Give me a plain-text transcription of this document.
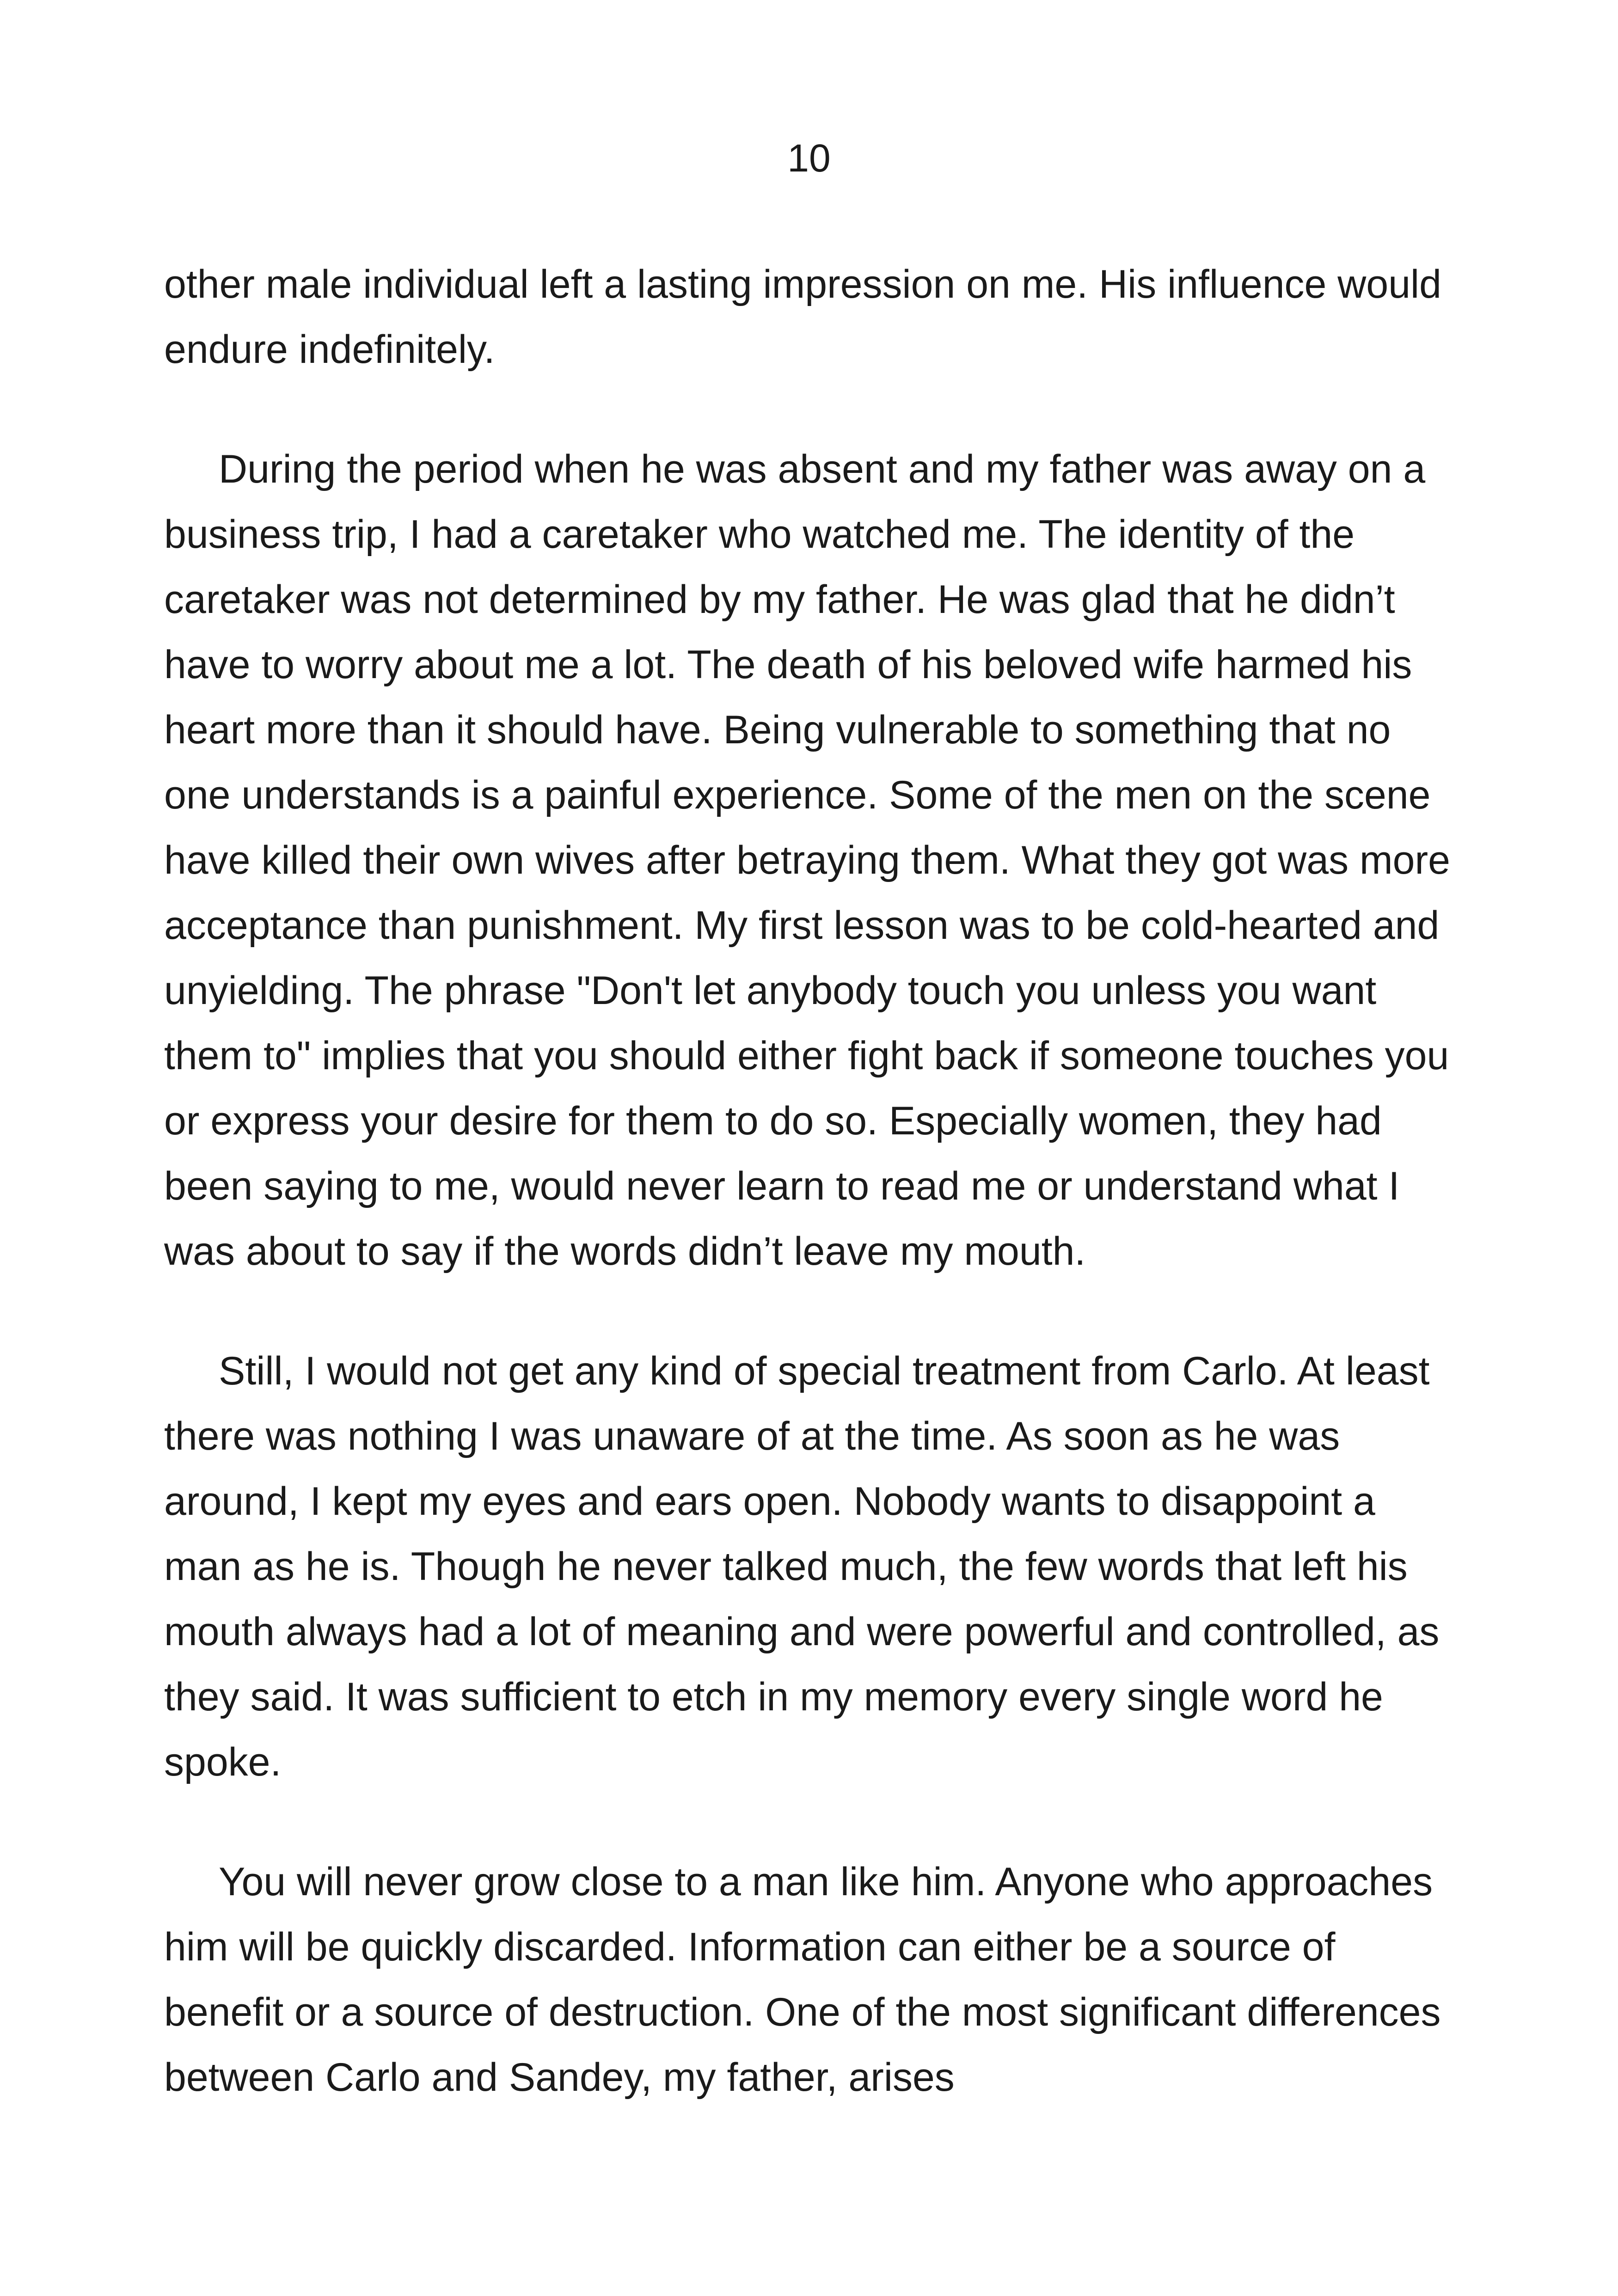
10

other male individual left a lasting impression on me. His influence would endure indefinitely.

During the period when he was absent and my father was away on a business trip, I had a caretaker who watched me. The identity of the caretaker was not determined by my father. He was glad that he didn’t have to worry about me a lot. The death of his beloved wife harmed his heart more than it should have. Being vulnerable to something that no one understands is a painful experience. Some of the men on the scene have killed their own wives after betraying them. What they got was more acceptance than punishment. My first lesson was to be cold-hearted and unyielding. The phrase "Don't let anybody touch you unless you want them to" implies that you should either fight back if someone touches you or express your desire for them to do so. Especially women, they had been saying to me, would never learn to read me or understand what I was about to say if the words didn’t leave my mouth.

Still, I would not get any kind of special treatment from Carlo. At least there was nothing I was unaware of at the time. As soon as he was around, I kept my eyes and ears open. Nobody wants to disappoint a man as he is. Though he never talked much, the few words that left his mouth always had a lot of meaning and were powerful and controlled, as they said. It was sufficient to etch in my memory every single word he spoke.

You will never grow close to a man like him. Anyone who approaches him will be quickly discarded. Information can either be a source of benefit or a source of destruction. One of the most significant differences between Carlo and Sandey, my father, arises
